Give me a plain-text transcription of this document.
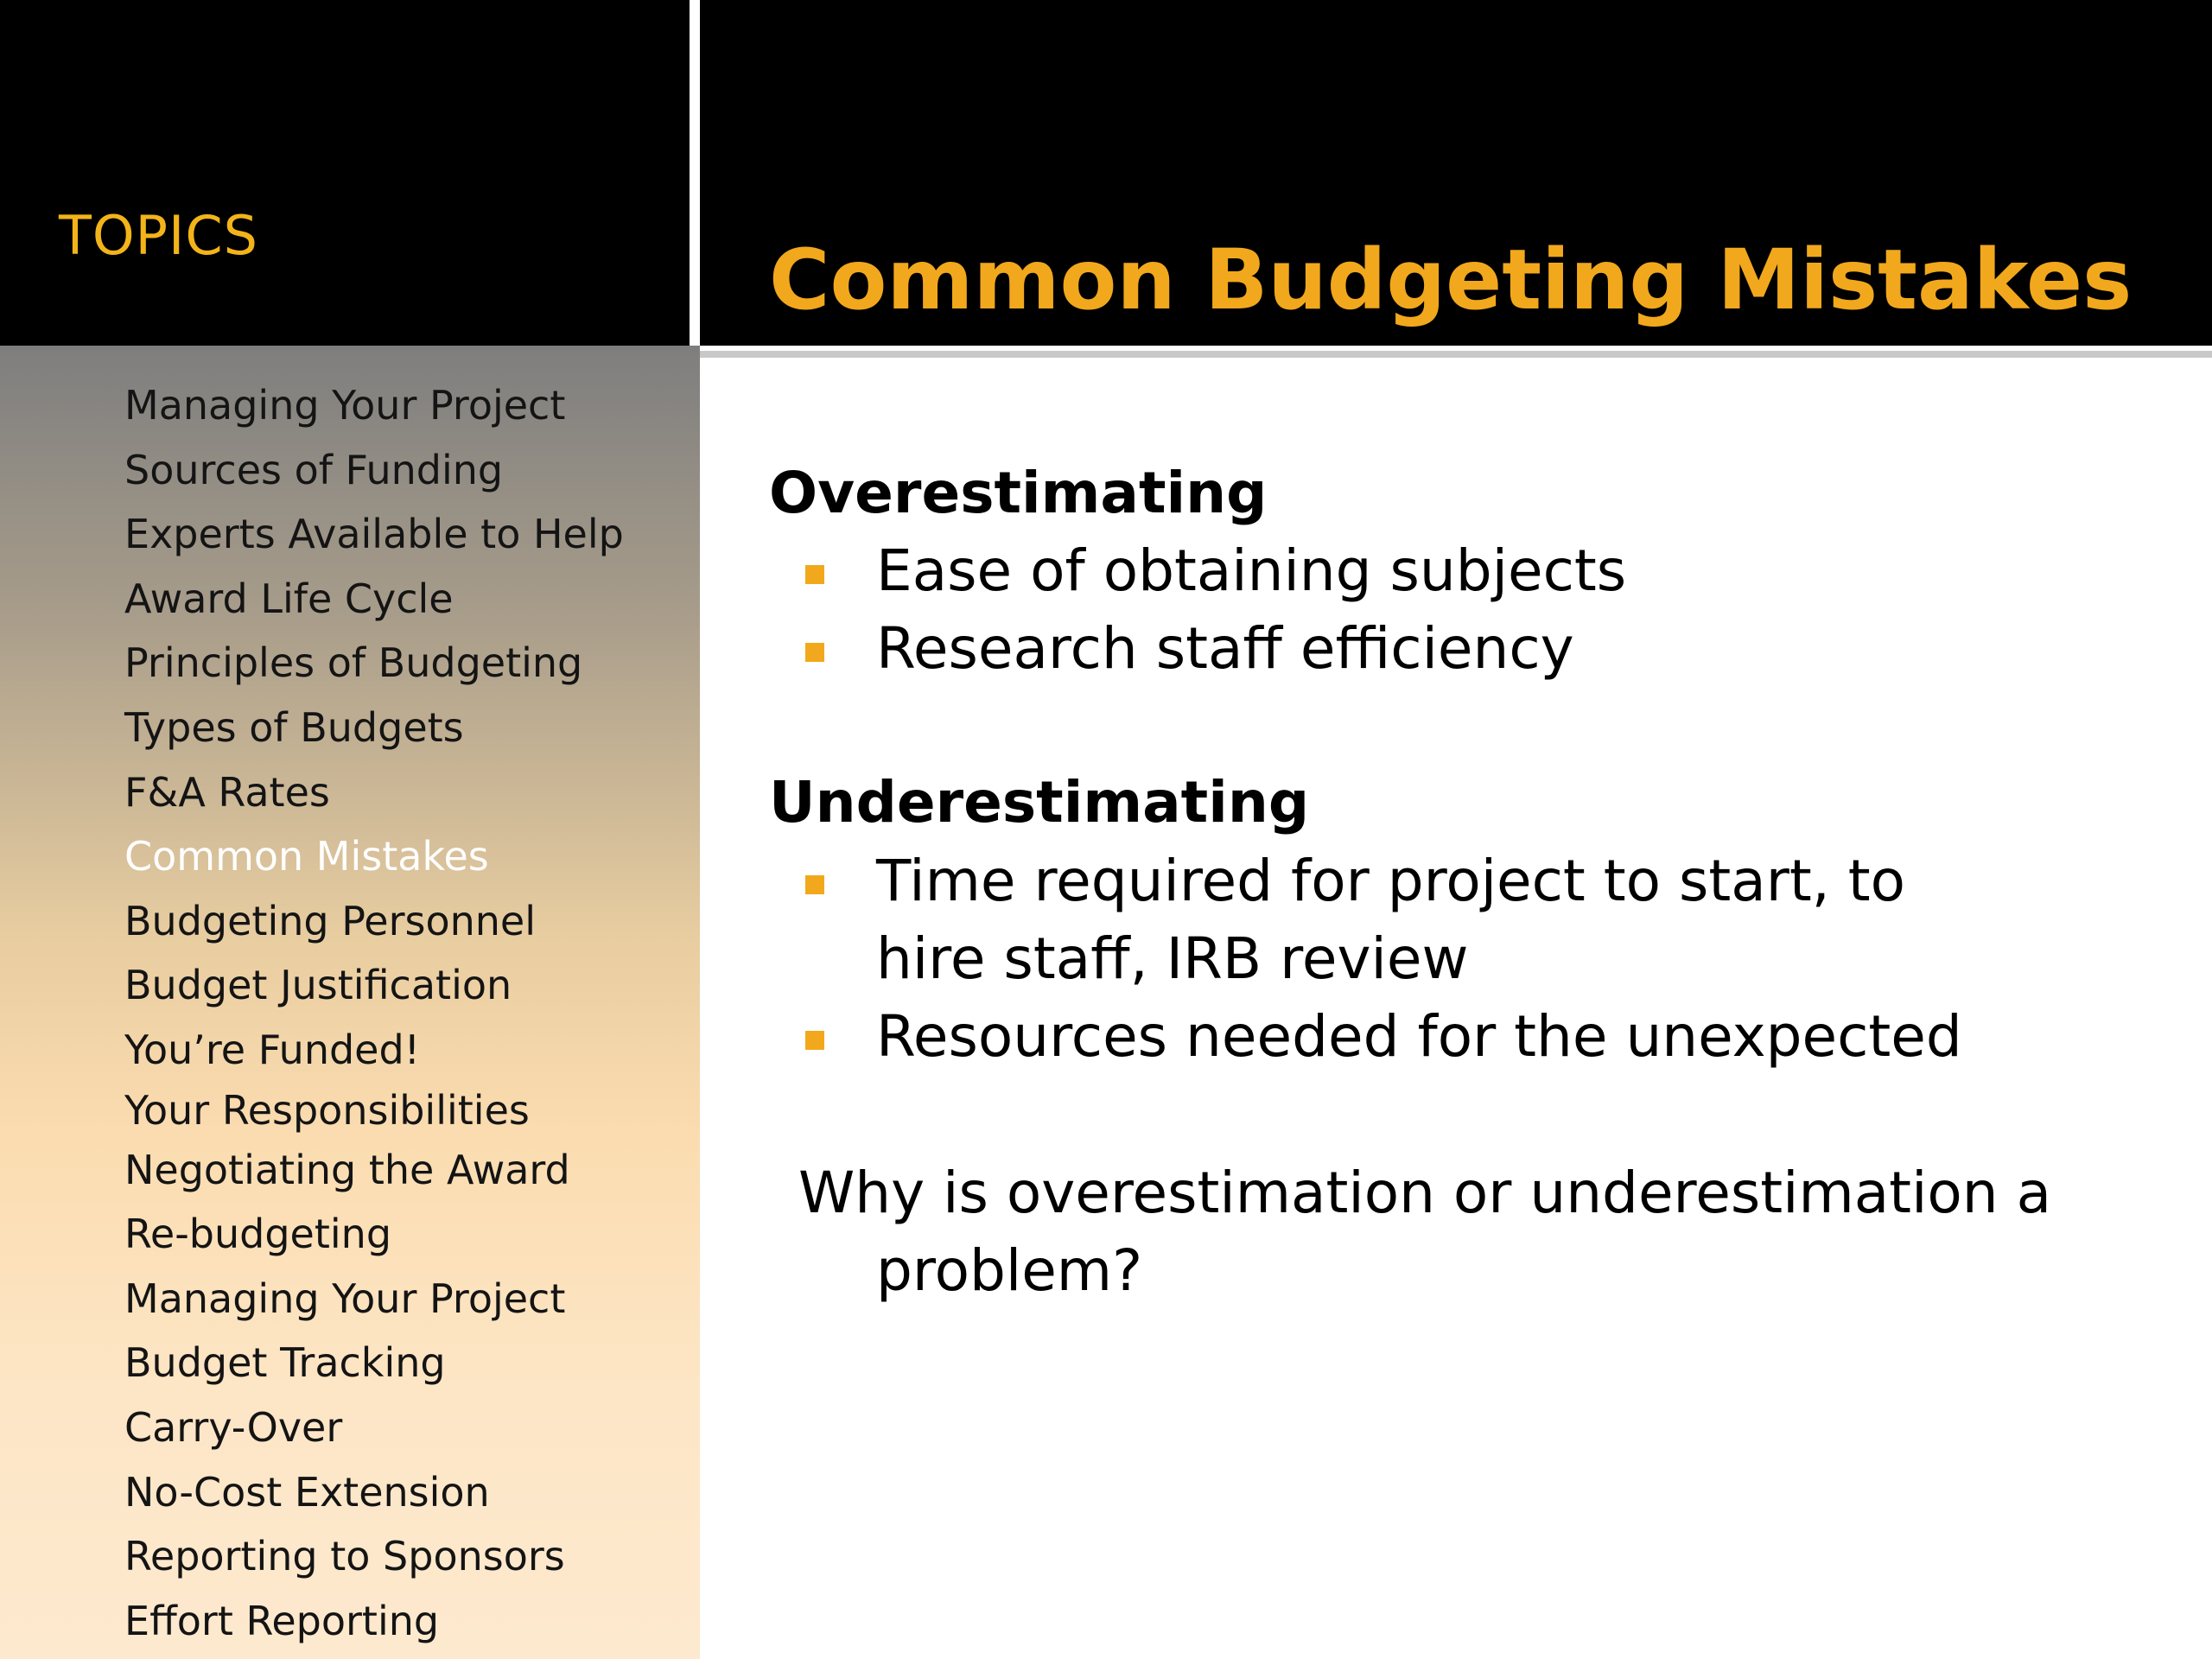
TOPICS	Common Budgeting Mistakes
Managing Your Project
Sources of Funding
Experts Available to Help
Award Life Cycle
Principles of Budgeting
Types of Budgets
F&A Rates
Common Mistakes
Budgeting Personnel
Budget Justification
You’re Funded!
Your Responsibilities
Negotiating the Award
Re-budgeting
Managing Your Project
Budget Tracking
Carry-Over
No-Cost Extension
Reporting to Sponsors
Effort Reporting
Overestimating
Ease of obtaining subjects
Research staff efficiency
Underestimating
Time required for project to start, to hire staff, IRB review
Resources needed for the unexpected
Why is overestimation or underestimation a problem?
